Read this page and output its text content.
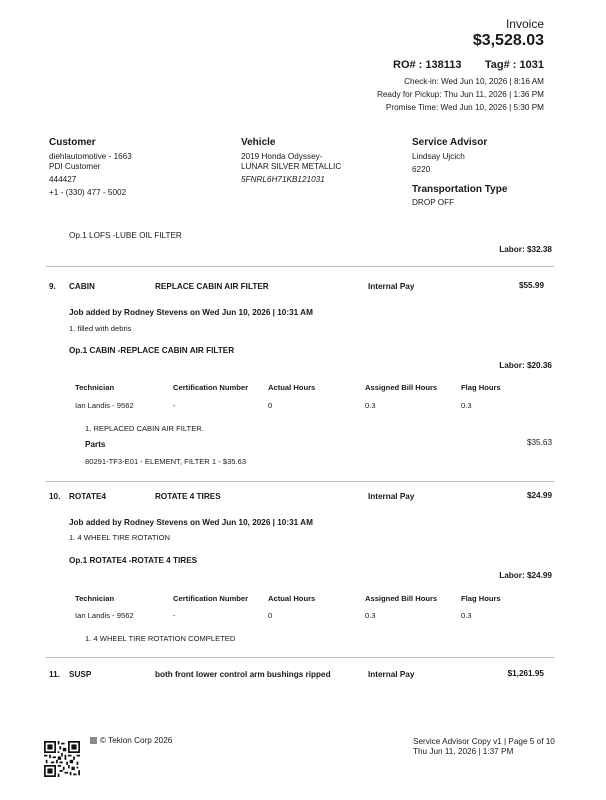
Invoice
$3,528.03
RO# : 138113 Tag# : 1031
Check-in: Wed Jun 10, 2026 | 8:16 AM
Ready for Pickup: Thu Jun 11, 2026 | 1:36 PM
Promise Time: Wed Jun 10, 2026 | 5:30 PM
Customer
diehlautomotive - 1663
PDI Customer
444427
+1 - (330) 477 - 5002
Vehicle
2019 Honda Odyssey-
LUNAR SILVER METALLIC
5FNRL6H71KB121031
Service Advisor
Lindsay Ujcich
6220
Transportation Type
DROP OFF
Op.1 LOFS -LUBE OIL FILTER
Labor: $32.38
9. CABIN	REPLACE CABIN AIR FILTER	Internal Pay	$55.99
Job added by Rodney Stevens on Wed Jun 10, 2026 | 10:31 AM
1. filled with debris
Op.1 CABIN -REPLACE CABIN AIR FILTER
Labor: $20.36
Technician	Certification Number	Actual Hours	Assigned Bill Hours	Flag Hours
Ian Landis - 9562	-	0	0.3	0.3
1. REPLACED CABIN AIR FILTER.
Parts	$35.63
80291-TF3-E01 - ELEMENT, FILTER 1 - $35.63
10. ROTATE4	ROTATE 4 TIRES	Internal Pay	$24.99
Job added by Rodney Stevens on Wed Jun 10, 2026 | 10:31 AM
1. 4 WHEEL TIRE ROTATION
Op.1 ROTATE4 -ROTATE 4 TIRES
Labor: $24.99
Technician	Certification Number	Actual Hours	Assigned Bill Hours	Flag Hours
Ian Landis - 9562	-	0	0.3	0.3
1. 4 WHEEL TIRE ROTATION COMPLETED
11. SUSP	both front lower control arm bushings ripped	Internal Pay	$1,261.95
© Tekion Corp 2026	Service Advisor Copy v1 | Page 5 of 10
Thu Jun 11, 2026 | 1:37 PM
